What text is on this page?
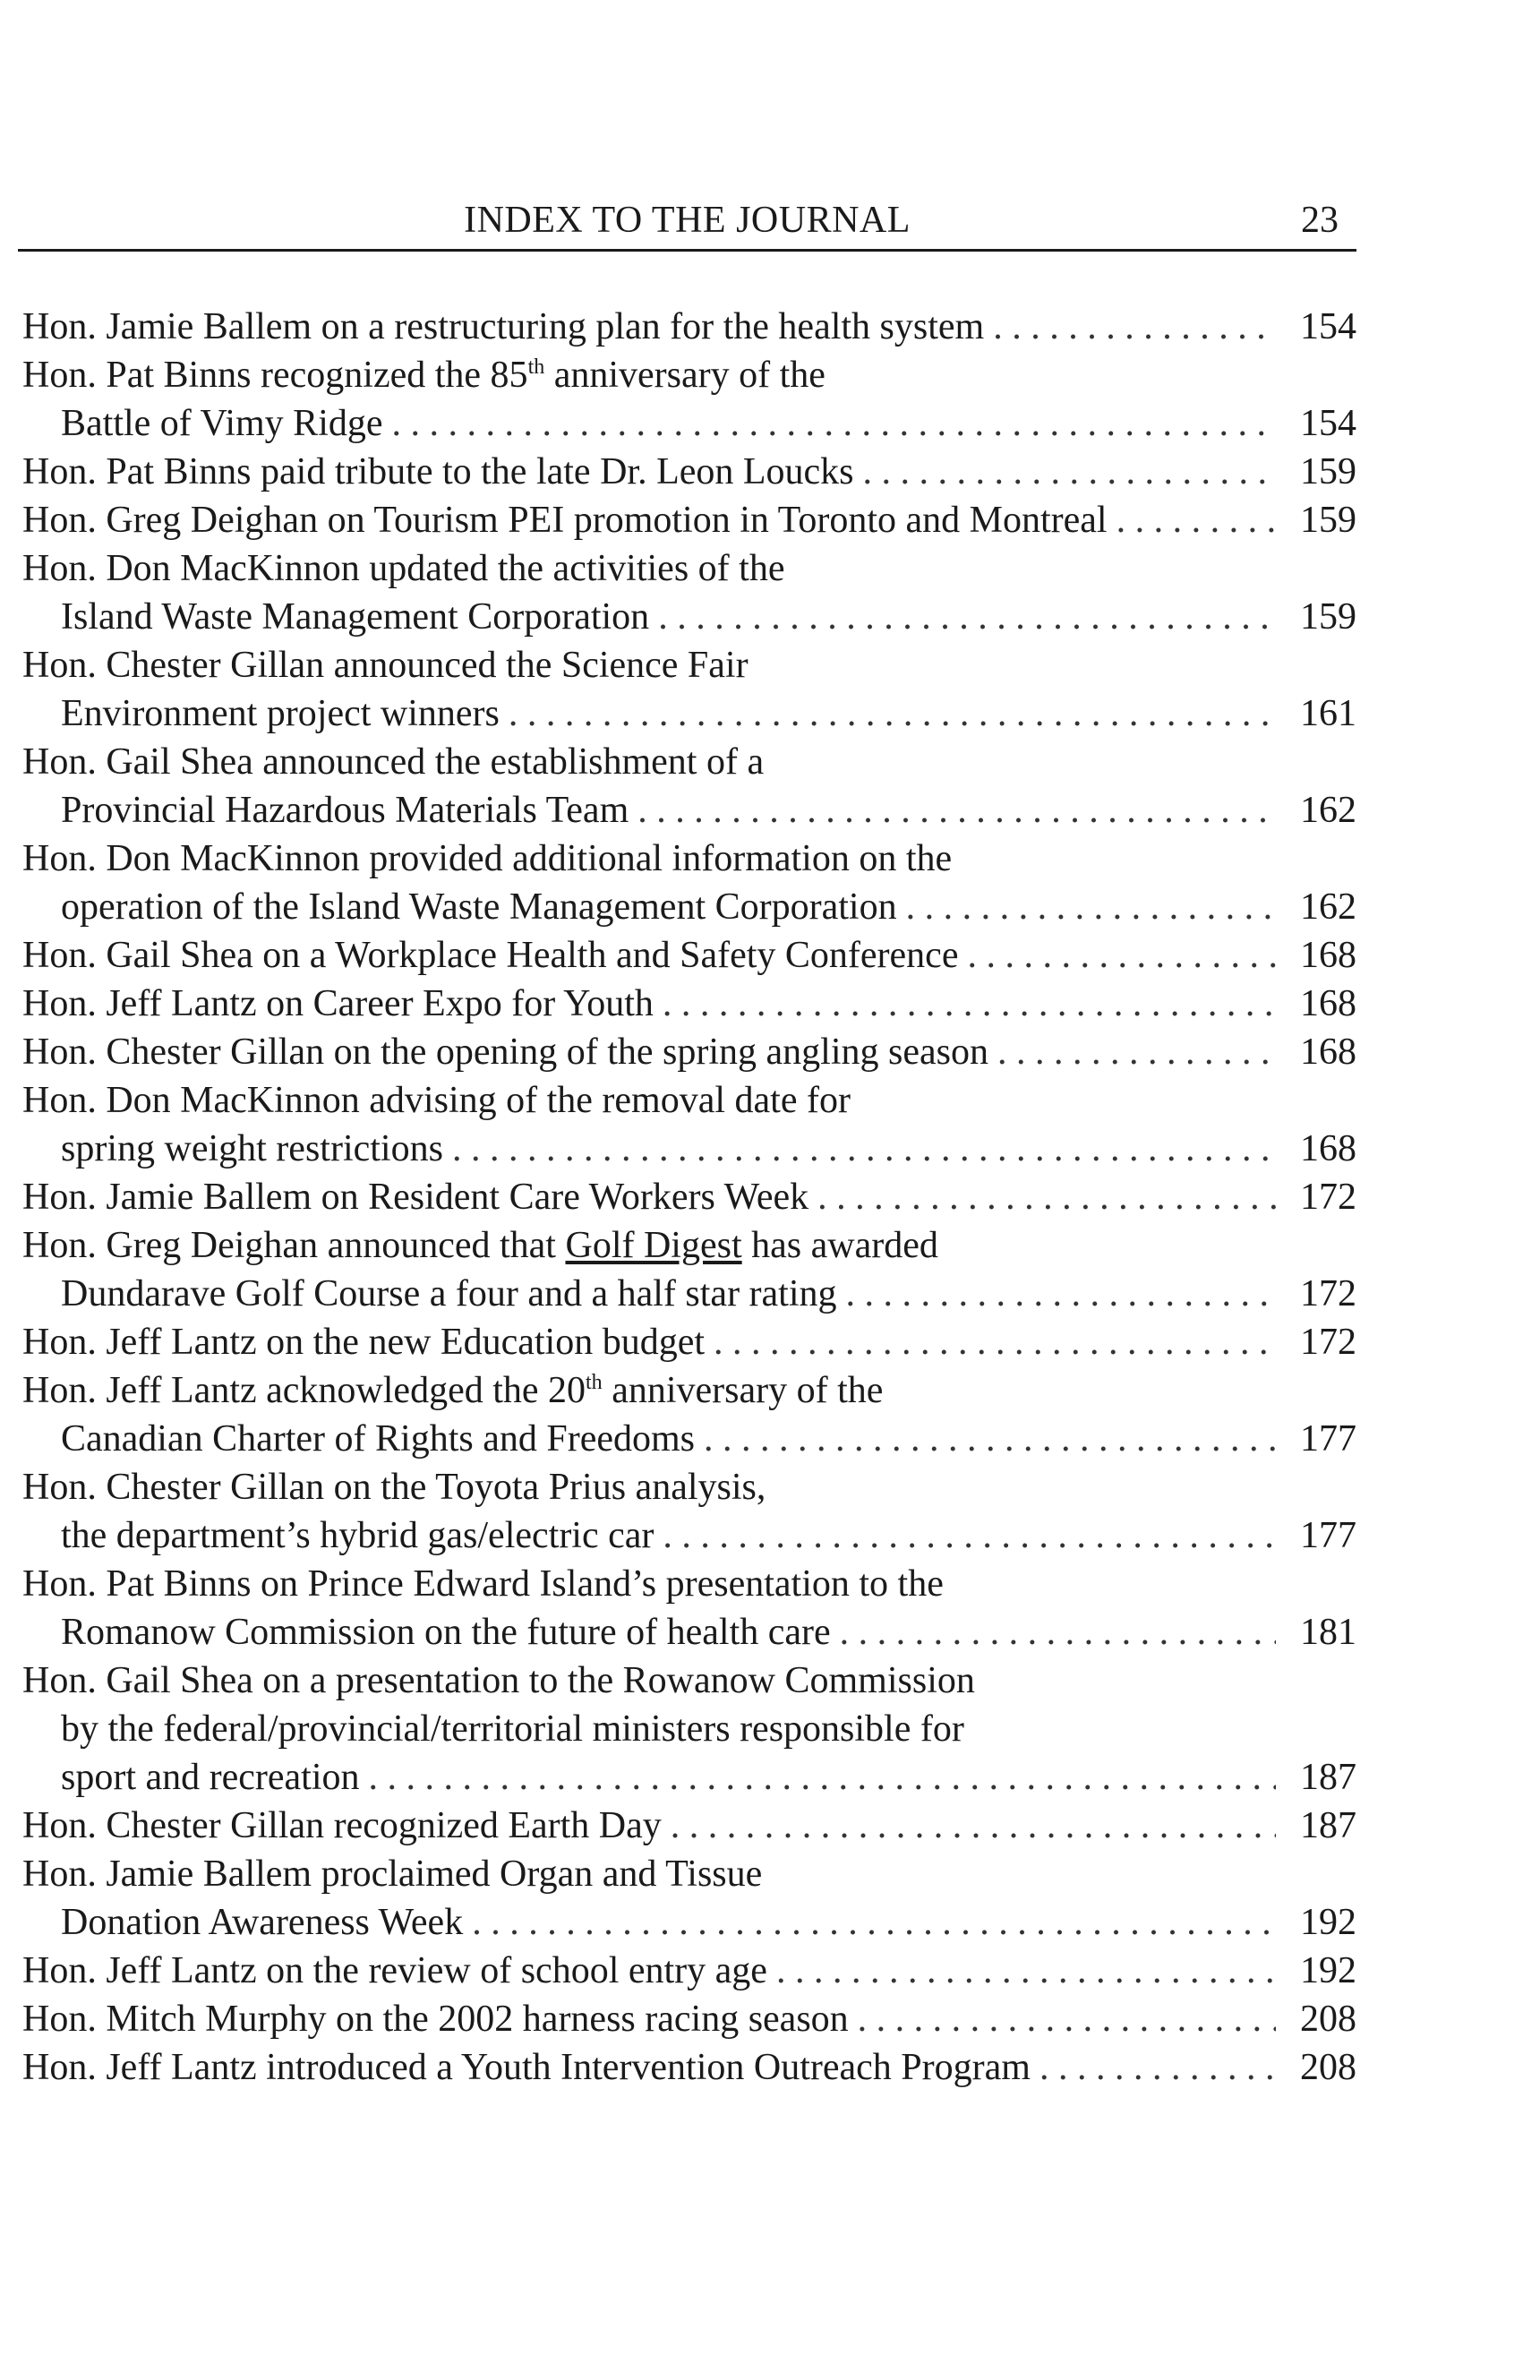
INDEX TO THE JOURNAL	23
Hon. Jamie Ballem on a restructuring plan for the health system . . .	154
Hon. Pat Binns recognized the 85th anniversary of the
Battle of Vimy Ridge . . .	154
Hon. Pat Binns paid tribute to the late Dr. Leon Loucks . . .	159
Hon. Greg Deighan on Tourism PEI promotion in Toronto and Montreal . . .	159
Hon. Don MacKinnon updated the activities of the
Island Waste Management Corporation . . .	159
Hon. Chester Gillan announced the Science Fair
Environment project winners . . .	161
Hon. Gail Shea announced the establishment of a
Provincial Hazardous Materials Team . . .	162
Hon. Don MacKinnon provided additional information on the
operation of the Island Waste Management Corporation . . .	162
Hon. Gail Shea on a Workplace Health and Safety Conference . . .	168
Hon. Jeff Lantz on Career Expo for Youth . . .	168
Hon. Chester Gillan on the opening of the spring angling season . . .	168
Hon. Don MacKinnon advising of the removal date for
spring weight restrictions . . .	168
Hon. Jamie Ballem on Resident Care Workers Week . . .	172
Hon. Greg Deighan announced that Golf Digest has awarded
Dundarave Golf Course a four and a half star rating . . .	172
Hon. Jeff Lantz on the new Education budget . . .	172
Hon. Jeff Lantz acknowledged the 20th anniversary of the
Canadian Charter of Rights and Freedoms . . .	177
Hon. Chester Gillan on the Toyota Prius analysis,
the department’s hybrid gas/electric car . . .	177
Hon. Pat Binns on Prince Edward Island’s presentation to the
Romanow Commission on the future of health care . . .	181
Hon. Gail Shea on a presentation to the Rowanow Commission
by the federal/provincial/territorial ministers responsible for
sport and recreation . . .	187
Hon. Chester Gillan recognized Earth Day . . .	187
Hon. Jamie Ballem proclaimed Organ and Tissue
Donation Awareness Week . . .	192
Hon. Jeff Lantz on the review of school entry age . . .	192
Hon. Mitch Murphy on the 2002 harness racing season . . .	208
Hon. Jeff Lantz introduced a Youth Intervention Outreach Program . . .	208
